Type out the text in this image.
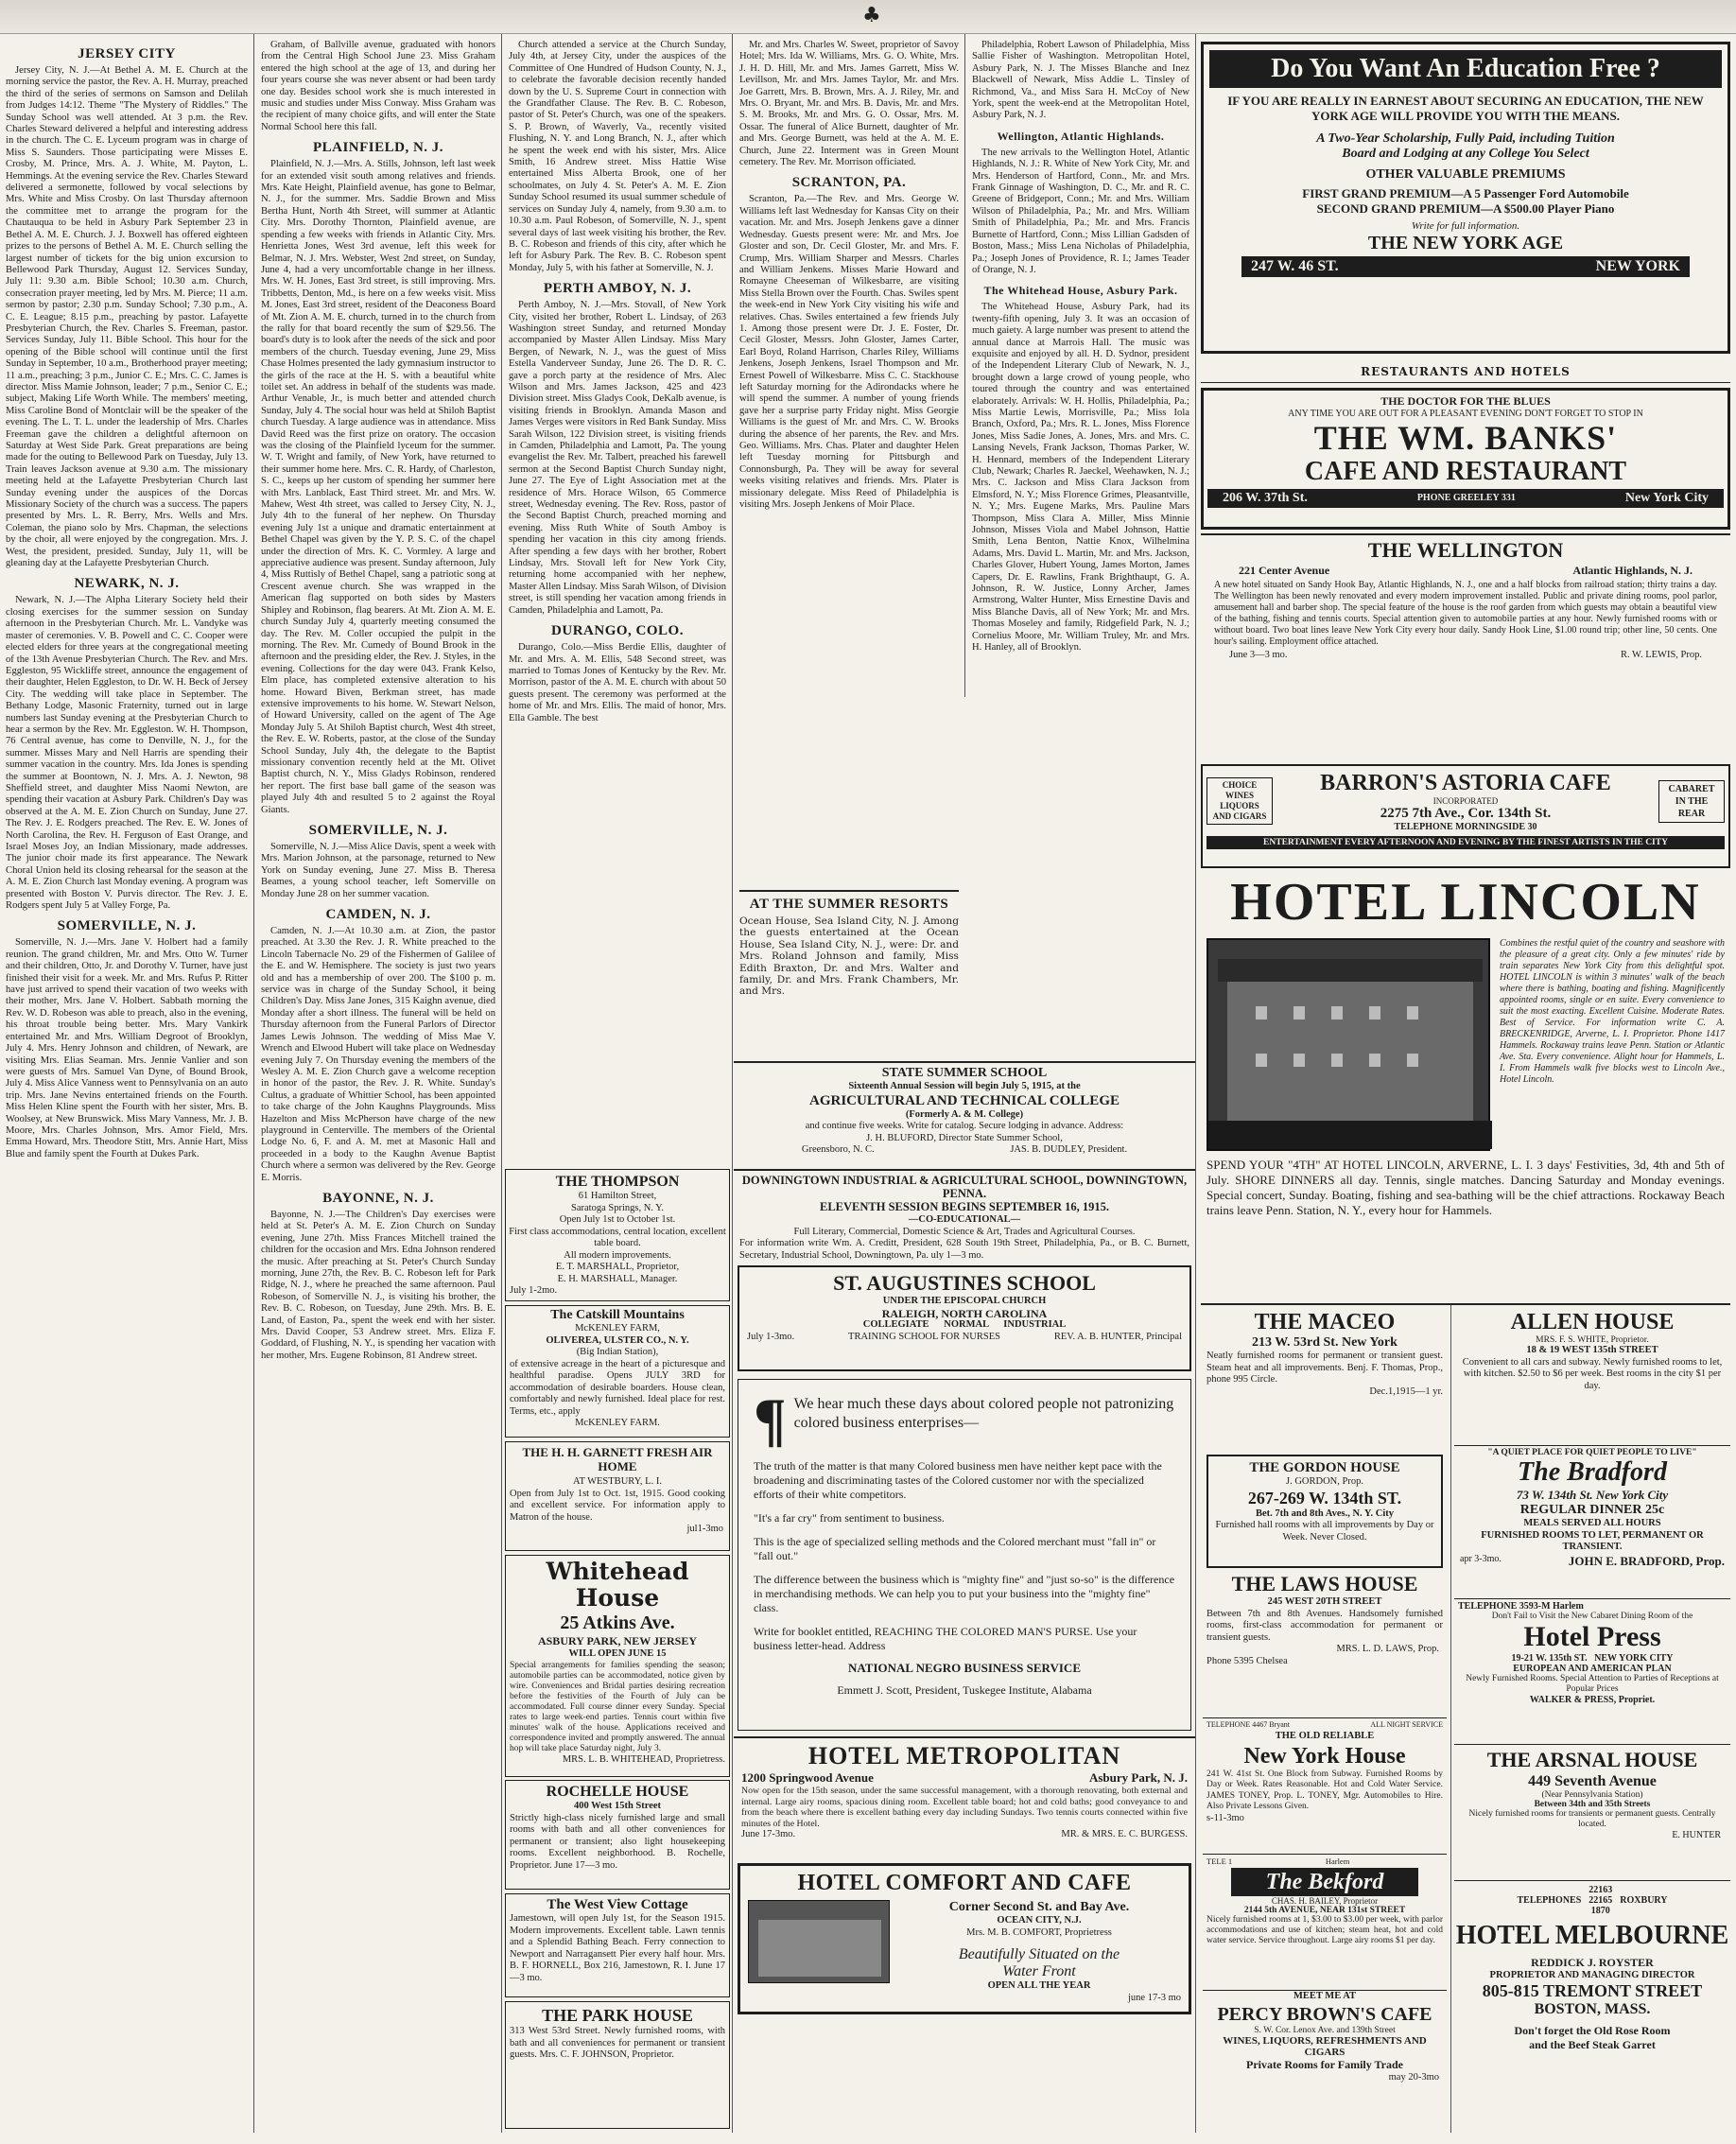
♣
JERSEY CITY

Jersey City, N. J.—At Bethel A. M. E. Church at the morning service the pastor, the Rev. A. H. Murray, preached the third of the series of sermons on Samson and Delilah from Judges 14:12. Theme "The Mystery of Riddles." The Sunday School was well attended. At 3 p.m. the Rev. Charles Steward delivered a helpful and interesting address in the church. The C. E. Lyceum program was in charge of Miss S. Saunders. Those participating were Misses E. Crosby, M. Prince, Mrs. A. J. White, M. Payton, L. Hemmings. At the evening service the Rev. Charles Steward delivered a sermonette, followed by vocal selections by Mrs. White and Miss Crosby. On last Thursday afternoon the committee met to arrange the program for the Chautauqua to be held in Asbury Park September 23 in Bethel A. M. E. Church. J. J. Boxwell has offered eighteen prizes to the persons of Bethel A. M. E. Church selling the largest number of tickets for the big union excursion to Bellewood Park Thursday, August 12. Services Sunday, July 11: 9.30 a.m. Bible School; 10.30 a.m. Church, consecration prayer meeting, led by Mrs. M. Pierce; 11 a.m. sermon by pastor; 2.30 p.m. Sunday School; 7.30 p.m., A. C. E. League; 8.15 p.m., preaching by pastor. Lafayette Presbyterian Church, the Rev. Charles S. Freeman, pastor. Services Sunday, July 11. Bible School. This hour for the opening of the Bible school will continue until the first Sunday in September, 10 a.m., Brotherhood prayer meeting; 11 a.m., preaching; 3 p.m., Junior C. E.; Mrs. C. C. James is director. Miss Mamie Johnson, leader; 7 p.m., Senior C. E.; subject, Making Life Worth While. The members' meeting, Miss Caroline Bond of Montclair will be the speaker of the evening. The L. T. L. under the leadership of Mrs. Charles Freeman gave the children a delightful afternoon on Saturday at West Side Park. Great preparations are being made for the outing to Bellewood Park on Tuesday, July 13. Train leaves Jackson avenue at 9.30 a.m. The missionary meeting held at the Lafayette Presbyterian Church last Sunday evening under the auspices of the Dorcas Missionary Society of the church was a success. The papers presented by Mrs. L. R. Berry, Mrs. Wells and Mrs. Coleman, the piano solo by Mrs. Chapman, the selections by the choir, all were enjoyed by the congregation. Mrs. J. West, the president, presided. Sunday, July 11, will be gleaning day at the Lafayette Presbyterian Church.

NEWARK, N. J.

Newark, N. J.—The Alpha Literary Society held their closing exercises for the summer session on Sunday afternoon in the Presbyterian Church. Mr. L. Vandyke was master of ceremonies. V. B. Powell and C. C. Cooper were elected elders for three years at the congregational meeting of the 13th Avenue Presbyterian Church. The Rev. and Mrs. Eggleston, 95 Wickliffe street, announce the engagement of their daughter, Helen Eggleston, to Dr. W. H. Beck of Jersey City. The wedding will take place in September. The Bethany Lodge, Masonic Fraternity, turned out in large numbers last Sunday evening at the Presbyterian Church to hear a sermon by the Rev. Mr. Eggleston. W. H. Thompson, 76 Central avenue, has come to Denville, N. J., for the summer. Misses Mary and Nell Harris are spending their summer vacation in the country. Mrs. Ida Jones is spending the summer at Boontown, N. J. Mrs. A. J. Newton, 98 Sheffield street, and daughter Miss Naomi Newton, are spending their vacation at Asbury Park. Children's Day was observed at the A. M. E. Zion Church on Sunday, June 27. The Rev. J. E. Rodgers preached. The Rev. E. W. Jones of North Carolina, the Rev. H. Ferguson of East Orange, and Israel Moses Joy, an Indian Missionary, made addresses. The junior choir made its first appearance. The Newark Choral Union held its closing rehearsal for the season at the A. M. E. Zion Church last Monday evening. A program was presented with Boston V. Purvis director. The Rev. J. E. Rodgers spent July 5 at Valley Forge, Pa.

SOMERVILLE, N. J.

Somerville, N. J.—Mrs. Jane V. Holbert had a family reunion. The grand children, Mr. and Mrs. Otto W. Turner and their children, Otto, Jr. and Dorothy V. Turner, have just finished their visit for a week. Mr. and Mrs. Rufus P. Ritter have just arrived to spend their vacation of two weeks with their mother, Mrs. Jane V. Holbert. Sabbath morning the Rev. W. D. Robeson was able to preach, also in the evening, his throat trouble being better. Mrs. Mary Vankirk entertained Mr. and Mrs. William Degroot of Brooklyn, July 4. Mrs. Henry Johnson and children, of Newark, are visiting Mrs. Elias Seaman. Mrs. Jennie Vanlier and son were guests of Mrs. Samuel Van Dyne, of Bound Brook, July 4. Miss Alice Vanness went to Pennsylvania on an auto trip. Mrs. Jane Nevins entertained friends on the Fourth. Miss Helen Kline spent the Fourth with her sister, Mrs. B. Woolsey, at New Brunswick. Miss Mary Vanness, Mr. J. B. Moore, Mrs. Charles Johnson, Mrs. Amor Field, Mrs. Emma Howard, Mrs. Theodore Stitt, Mrs. Annie Hart, Miss Blue and family spent the Fourth at Dukes Park.

Graham, of Ballville avenue, graduated with honors from the Central High School June 23. Miss Graham entered the high school at the age of 13, and during her four years course she was never absent or had been tardy one day. Besides school work she is much interested in music and studies under Miss Conway. Miss Graham was the recipient of many choice gifts, and will enter the State Normal School here this fall.

PLAINFIELD, N. J.

Plainfield, N. J.—Mrs. A. Stills, Johnson, left last week for an extended visit south among relatives and friends. Mrs. Kate Height, Plainfield avenue, has gone to Belmar, N. J., for the summer. Mrs. Saddie Brown and Miss Bertha Hunt, North 4th Street, will summer at Atlantic City. Mrs. Dorothy Thornton, Plainfield avenue, are spending a few weeks with friends in Atlantic City. Mrs. Henrietta Jones, West 3rd avenue, left this week for Belmar, N. J. Mrs. Webster, West 2nd street, on Sunday, June 4, had a very uncomfortable change in her illness. Mrs. W. H. Jones, East 3rd street, is still improving. Mrs. Tribbetts, Denton, Md., is here on a few weeks visit. Miss M. Jones, East 3rd street, resident of the Deaconess Board of Mt. Zion A. M. E. church, turned in to the church from the rally for that board recently the sum of $29.56. The board's duty is to look after the needs of the sick and poor members of the church. Tuesday evening, June 29, Miss Chase Holmes presented the lady gymnasium instructor to the girls of the race at the H. S. with a beautiful white toilet set. An address in behalf of the students was made. Arthur Venable, Jr., is much better and attended church Sunday, July 4. The social hour was held at Shiloh Baptist church Tuesday. A large audience was in attendance. Miss David Reed was the first prize on oratory. The occasion was the closing of the Plainfield lyceum for the summer. W. T. Wright and family, of New York, have returned to their summer home here. Mrs. C. R. Hardy, of Charleston, S. C., keeps up her custom of spending her summer here with Mrs. Lanblack, East Third street. Mr. and Mrs. W. Mahew, West 4th street, was called to Jersey City, N. J., July 4th to the funeral of her nephew. On Thursday evening July 1st a unique and dramatic entertainment at Bethel Chapel was given by the Y. P. S. C. of the chapel under the direction of Mrs. K. C. Vormley. A large and appreciative audience was present. Sunday afternoon, July 4, Miss Ruttisly of Bethel Chapel, sang a patriotic song at Crescent avenue church. She was wrapped in the American flag supported on both sides by Masters Shipley and Robinson, flag bearers. At Mt. Zion A. M. E. church Sunday July 4, quarterly meeting consumed the day. The Rev. M. Coller occupied the pulpit in the morning. The Rev. Mr. Cumedy of Bound Brook in the afternoon and the presiding elder, the Rev. J. Styles, in the evening. Collections for the day were 043. Frank Kelso, Elm place, has completed extensive alteration to his home. Howard Biven, Berkman street, has made extensive improvements to his home. W. Stewart Nelson, of Howard University, called on the agent of The Age Monday July 5. At Shiloh Baptist church, West 4th street, the Rev. E. W. Roberts, pastor, at the close of the Sunday School Sunday, July 4th, the delegate to the Baptist missionary convention recently held at the Mt. Olivet Baptist church, N. Y., Miss Gladys Robinson, rendered her report. The first base ball game of the season was played July 4th and resulted 5 to 2 against the Royal Giants.

SOMERVILLE, N. J.

Somerville, N. J.—Miss Alice Davis, spent a week with Mrs. Marion Johnson, at the parsonage, returned to New York on Sunday evening, June 27. Miss B. Theresa Beames, a young school teacher, left Somerville on Monday June 28 on her summer vacation.

CAMDEN, N. J.

Camden, N. J.—At 10.30 a.m. at Zion, the pastor preached. At 3.30 the Rev. J. R. White preached to the Lincoln Tabernacle No. 29 of the Fishermen of Galilee of the E. and W. Hemisphere. The society is just two years old and has a membership of over 200. The $100 p. m. service was in charge of the Sunday School, it being Children's Day. Miss Jane Jones, 315 Kaighn avenue, died Monday after a short illness. The funeral will be held on Thursday afternoon from the Funeral Parlors of Director James Lewis Johnson. The wedding of Miss Mae V. Wrench and Elwood Hubert will take place on Wednesday evening July 7. On Thursday evening the members of the Wesley A. M. E. Zion Church gave a welcome reception in honor of the pastor, the Rev. J. R. White. Sunday's Cultus, a graduate of Whittier School, has been appointed to take charge of the John Kaughns Playgrounds. Miss Hazelton and Miss McPherson have charge of the new playground in Centerville. The members of the Oriental Lodge No. 6, F. and A. M. met at Masonic Hall and proceeded in a body to the Kaughn Avenue Baptist Church where a sermon was delivered by the Rev. George E. Morris.

BAYONNE, N. J.

Bayonne, N. J.—The Children's Day exercises were held at St. Peter's A. M. E. Zion Church on Sunday evening, June 27th. Miss Frances Mitchell trained the children for the occasion and Mrs. Edna Johnson rendered the music. After preaching at St. Peter's Church Sunday morning, June 27th, the Rev. B. C. Robeson left for Park Ridge, N. J., where he preached the same afternoon. Paul Robeson, of Somerville N. J., is visiting his brother, the Rev. B. C. Robeson, on Tuesday, June 29th. Mrs. B. E. Land, of Easton, Pa., spent the week end with her sister. Mrs. David Cooper, 53 Andrew street. Mrs. Eliza F. Goddard, of Flushing, N. Y., is spending her vacation with her mother, Mrs. Eugene Robinson, 81 Andrew street.

Church attended a service at the Church Sunday, July 4th, at Jersey City, under the auspices of the Committee of One Hundred of Hudson County, N. J., to celebrate the favorable decision recently handed down by the U. S. Supreme Court in connection with the Grandfather Clause. The Rev. B. C. Robeson, pastor of St. Peter's Church, was one of the speakers. S. P. Brown, of Waverly, Va., recently visited Flushing, N. Y. and Long Branch, N. J., after which he spent the week end with his sister, Mrs. Alice Smith, 16 Andrew street. Miss Hattie Wise entertained Miss Alberta Brook, one of her schoolmates, on July 4. St. Peter's A. M. E. Zion Sunday School resumed its usual summer schedule of services on Sunday July 4, namely, from 9.30 a.m. to 10.30 a.m. Paul Robeson, of Somerville, N. J., spent several days of last week visiting his brother, the Rev. B. C. Robeson and friends of this city, after which he left for Asbury Park. The Rev. B. C. Robeson spent Monday, July 5, with his father at Somerville, N. J.

PERTH AMBOY, N. J.

Perth Amboy, N. J.—Mrs. Stovall, of New York City, visited her brother, Robert L. Lindsay, of 263 Washington street Sunday, and returned Monday accompanied by Master Allen Lindsay. Miss Mary Bergen, of Newark, N. J., was the guest of Miss Estella Vanderveer Sunday, June 26. The D. R. C. gave a porch party at the residence of Mrs. Alec Wilson and Mrs. James Jackson, 425 and 423 Division street. Miss Gladys Cook, DeKalb avenue, is visiting friends in Brooklyn. Amanda Mason and James Verges were visitors in Red Bank Sunday. Miss Sarah Wilson, 122 Division street, is visiting friends in Camden, Philadelphia and Lamott, Pa. The young evangelist the Rev. Mr. Talbert, preached his farewell sermon at the Second Baptist Church Sunday night, June 27. The Eye of Light Association met at the residence of Mrs. Horace Wilson, 65 Commerce street, Wednesday evening. The Rev. Ross, pastor of the Second Baptist Church, preached morning and evening. Miss Ruth White of South Amboy is spending her vacation in this city among friends. After spending a few days with her brother, Robert Lindsay, Mrs. Stovall left for New York City, returning home accompanied with her nephew, Master Allen Lindsay. Miss Sarah Wilson, of Division street, is still spending her vacation among friends in Camden, Philadelphia and Lamott, Pa.

DURANGO, COLO.

Durango, Colo.—Miss Berdie Ellis, daughter of Mr. and Mrs. A. M. Ellis, 548 Second street, was married to Tomas Jones of Kentucky by the Rev. Mr. Morrison, pastor of the A. M. E. church with about 50 guests present. The ceremony was performed at the home of Mr. and Mrs. Ellis. The maid of honor, Mrs. Ella Gamble. The best

THE THOMPSON
61 Hamilton Street,
Saratoga Springs, N. Y.
Open July 1st to October 1st.
First class accommodations, central location, excellent table board.
All modern improvements.
E. T. MARSHALL, Proprietor,
E. H. MARSHALL, Manager.
July 1-2mo.
The Catskill Mountains
McKENLEY FARM,
OLIVEREA, ULSTER CO., N. Y.
(Big Indian Station),
of extensive acreage in the heart of a picturesque and healthful paradise. Opens JULY 3RD for accommodation of desirable boarders. House clean, comfortably and newly furnished. Ideal place for rest. Terms, etc., apply
McKENLEY FARM.
THE H. H. GARNETT FRESH AIR HOME
AT WESTBURY, L. I.
Open from July 1st to Oct. 1st, 1915. Good cooking and excellent service. For information apply to Matron of the house.
jul1-3mo
Whitehead House
25 Atkins Ave.
ASBURY PARK, NEW JERSEY
WILL OPEN JUNE 15
Special arrangements for families spending the season; automobile parties can be accommodated, notice given by wire. Conveniences and Bridal parties desiring recreation before the festivities of the Fourth of July can be accommodated. Full course dinner every Sunday. Special rates to large week-end parties. Tennis court within five minutes' walk of the house. Applications received and correspondence invited and promptly answered. The annual hop will take place Saturday night, July 3.
MRS. L. B. WHITEHEAD, Proprietress.
ROCHELLE HOUSE
400 West 15th Street
Strictly high-class nicely furnished large and small rooms with bath and all other conveniences for permanent or transient; also light housekeeping rooms. Excellent neighborhood. B. Rochelle, Proprietor. June 17—3 mo.
The West View Cottage
Jamestown, will open July 1st, for the Season 1915. Modern improvements. Excellent table. Lawn tennis and a Splendid Bathing Beach. Ferry connection to Newport and Narragansett Pier every half hour. Mrs. B. F. HORNELL, Box 216, Jamestown, R. I. June 17—3 mo.
THE PARK HOUSE
313 West 53rd Street. Newly furnished rooms, with bath and all conveniences for permanent or transient guests. Mrs. C. F. JOHNSON, Proprietor.

Mr. and Mrs. Charles W. Sweet, proprietor of Savoy Hotel; Mrs. Ida W. Williams, Mrs. G. O. White, Mrs. J. H. D. Hill, Mr. and Mrs. James Garrett, Miss W. Levillson, Mr. and Mrs. James Taylor, Mr. and Mrs. Joe Garrett, Mrs. B. Brown, Mrs. A. J. Riley, Mr. and Mrs. O. Bryant, Mr. and Mrs. B. Davis, Mr. and Mrs. S. M. Brooks, Mr. and Mrs. G. O. Ossar, Mrs. M. Ossar. The funeral of Alice Burnett, daughter of Mr. and Mrs. George Burnett, was held at the A. M. E. Church, June 22. Interment was in Green Mount cemetery. The Rev. Mr. Morrison officiated.

SCRANTON, PA.

Scranton, Pa.—The Rev. and Mrs. George W. Williams left last Wednesday for Kansas City on their vacation. Mr. and Mrs. Joseph Jenkens gave a dinner Wednesday. Guests present were: Mr. and Mrs. Joe Gloster and son, Dr. Cecil Gloster, Mr. and Mrs. F. Crump, Mrs. William Sharper and Messrs. Charles and William Jenkens. Misses Marie Howard and Romayne Cheeseman of Wilkesbarre, are visiting Miss Stella Brown over the Fourth. Chas. Swiles spent the week-end in New York City visiting his wife and relatives. Chas. Swiles entertained a few friends July 1. Among those present were Dr. J. E. Foster, Dr. Cecil Gloster, Messrs. John Gloster, James Carter, Earl Boyd, Roland Harrison, Charles Riley, Williams Jenkens, Joseph Jenkens, Israel Thompson and Mr. Ernest Powell of Wilkesbarre. Miss C. C. Stackhouse left Saturday morning for the Adirondacks where he will spend the summer. A number of young friends gave her a surprise party Friday night. Miss Georgie Williams is the guest of Mr. and Mrs. C. W. Brooks during the absence of her parents, the Rev. and Mrs. Geo. Williams. Mrs. Chas. Plater and daughter Helen left Tuesday morning for Pittsburgh and Connonsburgh, Pa. They will be away for several weeks visiting relatives and friends. Mrs. Plater is missionary delegate. Miss Reed of Philadelphia is visiting Mrs. Joseph Jenkens of Moir Place.

AT THE SUMMER RESORTS

Ocean House, Sea Island City, N. J. Among the guests entertained at the Ocean House, Sea Island City, N. J., were: Dr. and Mrs. Roland Johnson and family, Miss Edith Braxton, Dr. and Mrs. Walter and family, Dr. and Mrs. Frank Chambers, Mr. and Mrs.

Philadelphia, Robert Lawson of Philadelphia, Miss Sallie Fisher of Washington. Metropolitan Hotel, Asbury Park, N. J. The Misses Blanche and Inez Blackwell of Newark, Miss Addie L. Tinsley of Richmond, Va., and Miss Sara H. McCoy of New York, spent the week-end at the Metropolitan Hotel, Asbury Park, N. J.

Wellington, Atlantic Highlands.

The new arrivals to the Wellington Hotel, Atlantic Highlands, N. J.: R. White of New York City, Mr. and Mrs. Henderson of Hartford, Conn., Mr. and Mrs. Frank Ginnage of Washington, D. C., Mr. and R. C. Greene of Bridgeport, Conn.; Mr. and Mrs. William Wilson of Philadelphia, Pa.; Mr. and Mrs. William Smith of Philadelphia, Pa.; Mr. and Mrs. Francis Burnette of Hartford, Conn.; Miss Lillian Gadsden of Boston, Mass.; Miss Lena Nicholas of Philadelphia, Pa.; Joseph Jones of Providence, R. I.; James Teader of Orange, N. J.

The Whitehead House, Asbury Park.

The Whitehead House, Asbury Park, had its twenty-fifth opening, July 3. It was an occasion of much gaiety. A large number was present to attend the annual dance at Marrois Hall. The music was exquisite and enjoyed by all. H. D. Sydnor, president of the Independent Literary Club of Newark, N. J., brought down a large crowd of young people, who toured through the country and was entertained elaborately. Arrivals: W. H. Hollis, Philadelphia, Pa.; Miss Martie Lewis, Morrisville, Pa.; Miss Iola Branch, Oxford, Pa.; Mrs. R. L. Jones, Miss Florence Jones, Miss Sadie Jones, A. Jones, Mrs. and Mrs. C. Lansing Nevels, Frank Jackson, Thomas Parker, W. H. Hennard, members of the Independent Literary Club, Newark; Charles R. Jaeckel, Weehawken, N. J.; Mrs. C. Jackson and Miss Clara Jackson from Elmsford, N. Y.; Miss Florence Grimes, Pleasantville, N. Y.; Mrs. Eugene Marks, Mrs. Pauline Mars Thompson, Miss Clara A. Miller, Miss Minnie Johnson, Misses Viola and Mabel Johnson, Hattie Smith, Lena Benton, Nattie Knox, Wilhelmina Adams, Mrs. David L. Martin, Mr. and Mrs. Jackson, Charles Glover, Hubert Young, James Morton, James Capers, Dr. E. Rawlins, Frank Brighthaupt, G. A. Johnson, R. W. Justice, Lonny Archer, James Armstrong, Walter Hunter, Miss Ernestine Davis and Miss Blanche Davis, all of New York; Mr. and Mrs. Thomas Moseley and family, Ridgefield Park, N. J.; Cornelius Moore, Mr. William Truley, Mr. and Mrs. H. Hanley, all of Brooklyn.

STATE SUMMER SCHOOL
Sixteenth Annual Session will begin July 5, 1915, at the
AGRICULTURAL AND TECHNICAL COLLEGE
(Formerly A. & M. College)
and continue five weeks. Write for catalog. Secure lodging in advance. Address:
J. H. BLUFORD, Director State Summer School,
Greensboro, N. C.	JAS. B. DUDLEY, President.
DOWNINGTOWN INDUSTRIAL & AGRICULTURAL SCHOOL, DOWNINGTOWN, PENNA.
ELEVENTH SESSION BEGINS SEPTEMBER 16, 1915.
—CO-EDUCATIONAL—
Full Literary, Commercial, Domestic Science & Art, Trades and Agricultural Courses.
For information write Wm. A. Creditt, President, 628 South 19th Street, Philadelphia, Pa., or B. C. Burnett, Secretary, Industrial School, Downingtown, Pa. uly 1—3 mo.
ST. AUGUSTINES SCHOOL
UNDER THE EPISCOPAL CHURCH
RALEIGH, NORTH CAROLINA
COLLEGIATE      NORMAL      INDUSTRIAL
July 1-3mo.	TRAINING SCHOOL FOR NURSES	REV. A. B. HUNTER, Principal
¶ We hear much these days about colored people not patronizing colored business enterprises—

The truth of the matter is that many Colored business men have neither kept pace with the broadening and discriminating tastes of the Colored customer nor with the specialized efforts of their white competitors.

"It's a far cry" from sentiment to business.

This is the age of specialized selling methods and the Colored merchant must "fall in" or "fall out."

The difference between the business which is "mighty fine" and "just so-so" is the difference in merchandising methods. We can help you to put your business into the "mighty fine" class.

Write for booklet entitled, REACHING THE COLORED MAN'S PURSE. Use your business letter-head. Address

NATIONAL NEGRO BUSINESS SERVICE
Emmett J. Scott, President, Tuskegee Institute, Alabama
HOTEL METROPOLITAN
1200 Springwood Avenue	Asbury Park, N. J.
Now open for the 15th season, under the same successful management, with a thorough renovating, both external and internal. Large airy rooms, spacious dining room. Excellent table board; hot and cold baths; good conveyance to and from the beach where there is excellent bathing every day including Sundays. Two tennis courts connected within five minutes of the Hotel.
June 17-3mo.	MR. & MRS. E. C. BURGESS.
HOTEL COMFORT AND CAFE
Corner Second St. and Bay Ave.
OCEAN CITY, N.J.
Mrs. M. B. COMFORT, Proprietress
Beautifully Situated on the
Water Front
OPEN ALL THE YEAR
june 17-3 mo
Do You Want An Education Free ?
IF YOU ARE REALLY IN EARNEST ABOUT SECURING AN EDUCATION, THE NEW YORK AGE WILL PROVIDE YOU WITH THE MEANS.
A Two-Year Scholarship, Fully Paid, including Tuition
Board and Lodging at any College You Select
OTHER VALUABLE PREMIUMS
FIRST GRAND PREMIUM—A 5 Passenger Ford Automobile
SECOND GRAND PREMIUM—A $500.00 Player Piano
Write for full information.
THE NEW YORK AGE
247 W. 46 ST.	NEW YORK
RESTAURANTS AND HOTELS
THE DOCTOR FOR THE BLUES
ANY TIME YOU ARE OUT FOR A PLEASANT EVENING DON'T FORGET TO STOP IN
THE WM. BANKS'
CAFE AND RESTAURANT
206 W. 37th St.	PHONE GREELEY 331	New York City
THE WELLINGTON
221 Center Avenue	Atlantic Highlands, N. J.
A new hotel situated on Sandy Hook Bay, Atlantic Highlands, N. J., one and a half blocks from railroad station; thirty trains a day. The Wellington has been newly renovated and every modern improvement installed. Public and private dining rooms, pool parlor, amusement hall and barber shop. The special feature of the house is the roof garden from which guests may obtain a beautiful view of the bathing, fishing and tennis courts. Special attention given to automobile parties at any hour. Newly furnished rooms with or without board. Two boat lines leave New York City every hour daily. Sandy Hook Line, $1.00 round trip; other line, 50 cents. One hour's sailing. Employment office attached.
June 3—3 mo.	R. W. LEWIS, Prop.
CHOICE
WINES
LIQUORS
AND CIGARS
BARRON'S ASTORIA CAFE
INCORPORATED
2275 7th Ave., Cor. 134th St.
TELEPHONE MORNINGSIDE 30
CABARET
IN THE
REAR
ENTERTAINMENT EVERY AFTERNOON AND EVENING BY THE FINEST ARTISTS IN THE CITY
HOTEL LINCOLN
Combines the restful quiet of the country and seashore with the pleasure of a great city. Only a few minutes' ride by train separates New York City from this delightful spot. HOTEL LINCOLN is within 3 minutes' walk of the beach where there is bathing, boating and fishing. Magnificently appointed rooms, single or en suite. Every convenience to suit the most exacting. Excellent Cuisine. Moderate Rates. Best of Service. For information write C. A. BRECKENRIDGE, Arverne, L. I. Proprietor. Phone 1417 Hammels. Rockaway trains leave Penn. Station or Atlantic Ave. Sta. Every convenience. Alight hour for Hammels, L. I. From Hammels walk five blocks west to Lincoln Ave., Hotel Lincoln.
SPEND YOUR "4TH" AT HOTEL LINCOLN, ARVERNE, L. I. 3 days' Festivities, 3d, 4th and 5th of July. SHORE DINNERS all day. Tennis, single matches. Dancing Saturday and Monday evenings. Special concert, Sunday. Boating, fishing and sea-bathing will be the chief attractions. Rockaway Beach trains leave Penn. Station, N. Y., every hour for Hammels.
THE MACEO
213 W. 53rd St. New York
Neatly furnished rooms for permanent or transient guest. Steam heat and all improvements. Benj. F. Thomas, Prop., phone 995 Circle.
Dec.1,1915—1 yr.
THE GORDON HOUSE
J. GORDON, Prop.
267-269 W. 134th ST.
Bet. 7th and 8th Aves., N. Y. City
Furnished hall rooms with all improvements by Day or Week. Never Closed.
THE LAWS HOUSE
245 WEST 20TH STREET
Between 7th and 8th Avenues. Handsomely furnished rooms, first-class accommodation for permanent or transient guests.
MRS. L. D. LAWS, Prop.
Phone 5395 Chelsea
TELEPHONE 4467 Bryant	ALL NIGHT SERVICE
THE OLD RELIABLE
New York House
241 W. 41st St. One Block from Subway. Furnished Rooms by Day or Week. Rates Reasonable. Hot and Cold Water Service. JAMES TONEY, Prop. L. TONEY, Mgr. Automobiles to Hire. Also Private Lessons Given.
s-11-3mo
TELE 1	Harlem
The Bekford
CHAS. H. BAILEY, Proprietor
2144 5th AVENUE, NEAR 131st STREET
Nicely furnished rooms at 1, $3.00 to $3.00 per week, with parlor accommodations and use of kitchen; steam heat, hot and cold water service. Service throughout. Large airy rooms $1 per day.
MEET ME AT
PERCY BROWN'S CAFE
S. W. Cor. Lenox Ave. and 139th Street
WINES, LIQUORS, REFRESHMENTS AND CIGARS
Private Rooms for Family Trade
may 20-3mo
ALLEN HOUSE
MRS. F. S. WHITE, Proprietor.
18 & 19 WEST 135th STREET
Convenient to all cars and subway. Newly furnished rooms to let, with kitchen. $2.50 to $6 per week. Best rooms in the city $1 per day.
"A QUIET PLACE FOR QUIET PEOPLE TO LIVE"
The Bradford
73 W. 134th St. New York City
REGULAR DINNER 25c
MEALS SERVED ALL HOURS
FURNISHED ROOMS TO LET, PERMANENT OR TRANSIENT.
apr 3-3mo.	JOHN E. BRADFORD, Prop.
TELEPHONE 3593-M Harlem
Don't Fail to Visit the New Cabaret Dining Room of the
Hotel Press
19-21 W. 135th ST.   NEW YORK CITY
EUROPEAN AND AMERICAN PLAN
Newly Furnished Rooms. Special Attention to Parties of Receptions at Popular Prices
WALKER & PRESS, Propriet.
THE ARSNAL HOUSE
449 Seventh Avenue
(Near Pennsylvania Station)
Between 34th and 35th Streets
Nicely furnished rooms for transients or permanent guests. Centrally located.
E. HUNTER
TELEPHONES
22163
22165
1870
ROXBURY
HOTEL MELBOURNE
REDDICK J. ROYSTER
PROPRIETOR AND MANAGING DIRECTOR
805-815 TREMONT STREET
BOSTON, MASS.
Don't forget the Old Rose Room
and the Beef Steak Garret
